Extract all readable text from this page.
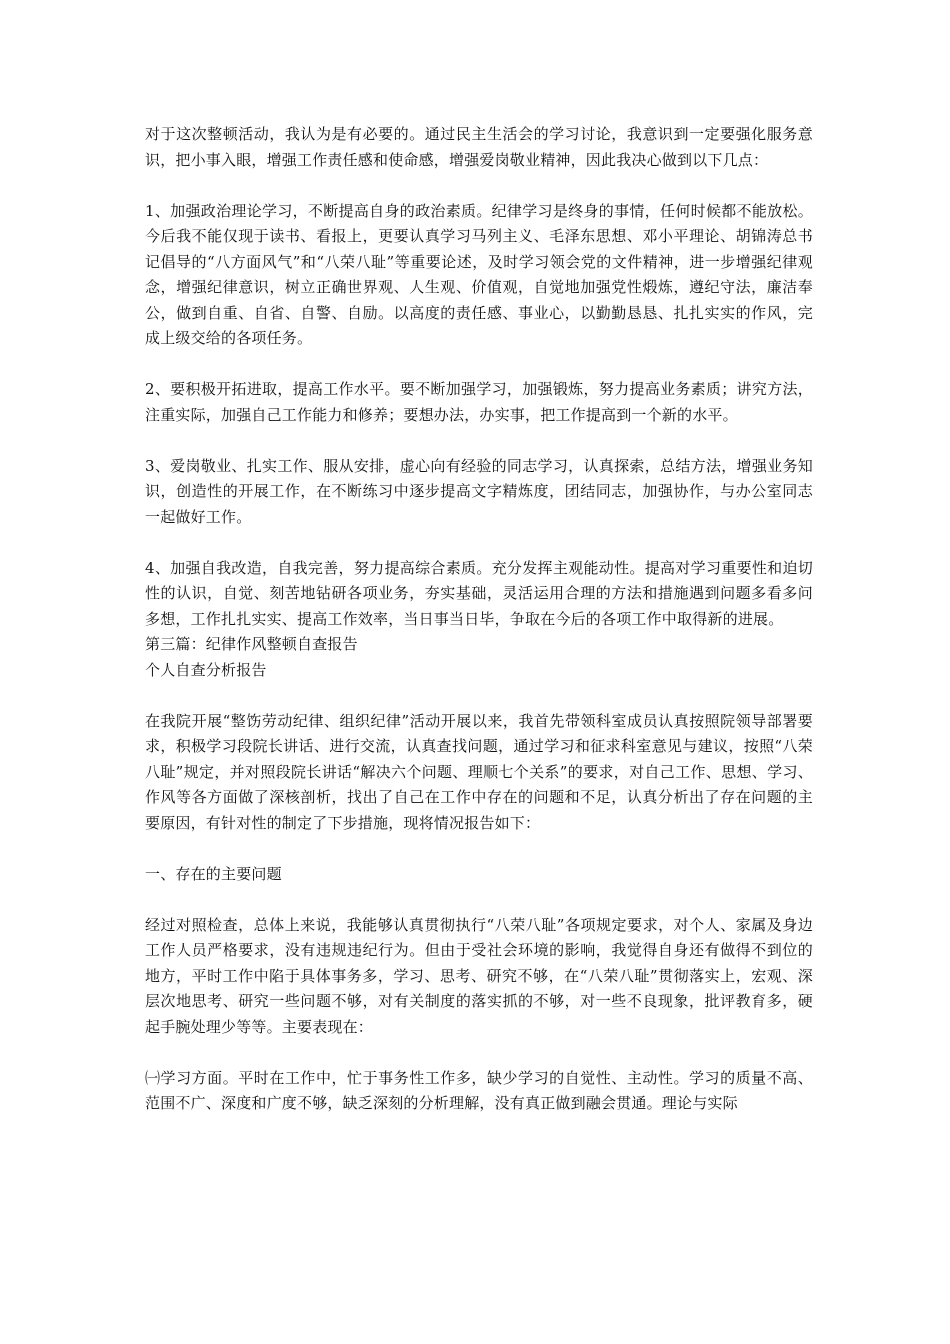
对于这次整顿活动，我认为是有必要的。通过民主生活会的学习讨论，我意识到一定要强化服务意识，把小事入眼，增强工作责任感和使命感，增强爱岗敬业精神，因此我决心做到以下几点：

1、加强政治理论学习，不断提高自身的政治素质。纪律学习是终身的事情，任何时候都不能放松。今后我不能仅现于读书、看报上，更要认真学习马列主义、毛泽东思想、邓小平理论、胡锦涛总书记倡导的“八方面风气”和“八荣八耻”等重要论述，及时学习领会党的文件精神，进一步增强纪律观念，增强纪律意识，树立正确世界观、人生观、价值观，自觉地加强党性煅炼，遵纪守法，廉洁奉公，做到自重、自省、自警、自励。以高度的责任感、事业心，以勤勤恳恳、扎扎实实的作风，完成上级交给的各项任务。

2、要积极开拓进取，提高工作水平。要不断加强学习，加强锻炼，努力提高业务素质；讲究方法，注重实际，加强自己工作能力和修养；要想办法，办实事，把工作提高到一个新的水平。

3、爱岗敬业、扎实工作、服从安排，虚心向有经验的同志学习，认真探索，总结方法，增强业务知识，创造性的开展工作，在不断练习中逐步提高文字精炼度，团结同志，加强协作，与办公室同志一起做好工作。

4、加强自我改造，自我完善，努力提高综合素质。充分发挥主观能动性。提高对学习重要性和迫切性的认识，自觉、刻苦地钻研各项业务，夯实基础，灵活运用合理的方法和措施遇到问题多看多问多想，工作扎扎实实、提高工作效率，当日事当日毕，争取在今后的各项工作中取得新的进展。

第三篇：纪律作风整顿自查报告

个人自查分析报告

在我院开展“整饬劳动纪律、组织纪律”活动开展以来，我首先带领科室成员认真按照院领导部署要求，积极学习段院长讲话、进行交流，认真查找问题，通过学习和征求科室意见与建议，按照“八荣八耻”规定，并对照段院长讲话“解决六个问题、理顺七个关系”的要求，对自己工作、思想、学习、作风等各方面做了深核剖析，找出了自己在工作中存在的问题和不足，认真分析出了存在问题的主要原因，有针对性的制定了下步措施，现将情况报告如下：

一、存在的主要问题

经过对照检查，总体上来说，我能够认真贯彻执行“八荣八耻”各项规定要求，对个人、家属及身边工作人员严格要求，没有违规违纪行为。但由于受社会环境的影响，我觉得自身还有做得不到位的地方，平时工作中陷于具体事务多，学习、思考、研究不够，在“八荣八耻”贯彻落实上，宏观、深层次地思考、研究一些问题不够，对有关制度的落实抓的不够，对一些不良现象，批评教育多，硬起手腕处理少等等。主要表现在：

㈠学习方面。平时在工作中，忙于事务性工作多，缺少学习的自觉性、主动性。学习的质量不高、范围不广、深度和广度不够，缺乏深刻的分析理解，没有真正做到融会贯通。理论与实际
